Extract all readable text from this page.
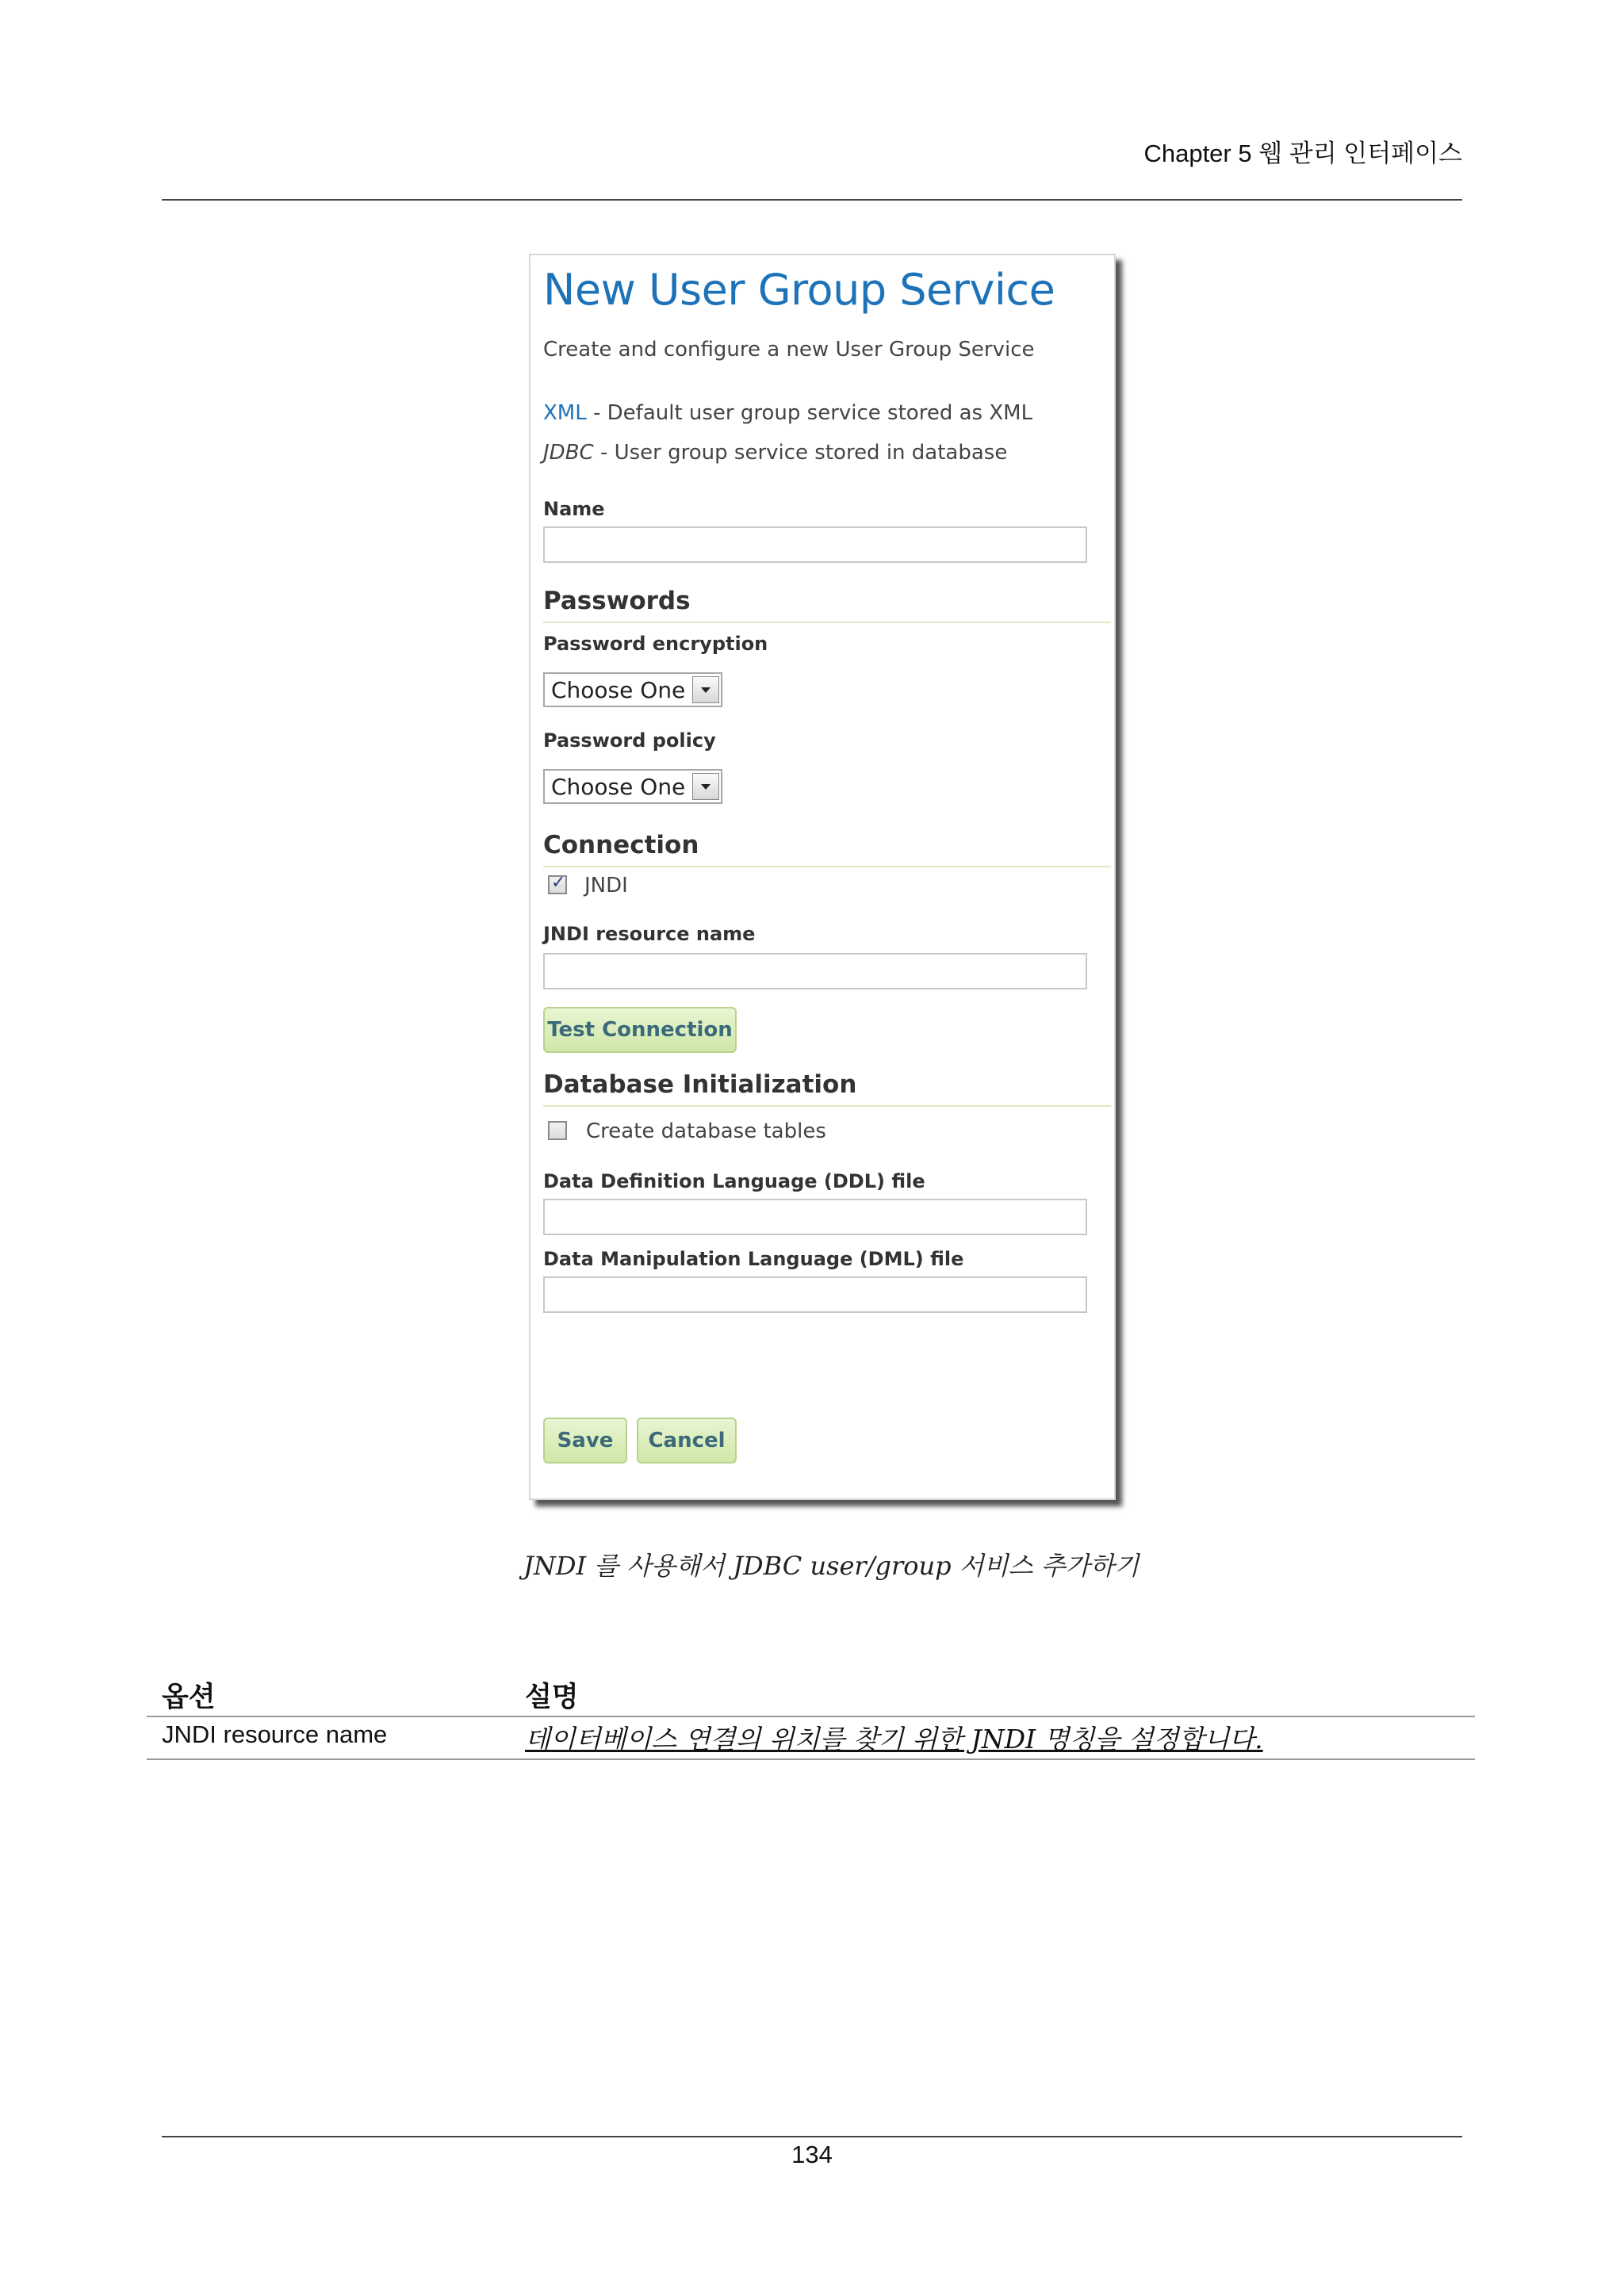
Chapter 5 웹 관리 인터페이스
New User Group Service
Create and configure a new User Group Service
XML - Default user group service stored as XML
JDBC - User group service stored in database
Name
Passwords
Password encryption
Choose One
Password policy
Choose One
Connection
✓
JNDI
JNDI resource name
Test Connection
Database Initialization
Create database tables
Data Definition Language (DDL) file
Data Manipulation Language (DML) file
Save	Cancel
JNDI 를 사용해서 JDBC user/group 서비스 추가하기
옵션	설명
JNDI resource name	데이터베이스 연결의 위치를 찾기 위한 JNDI 명칭을 설정합니다.
134
